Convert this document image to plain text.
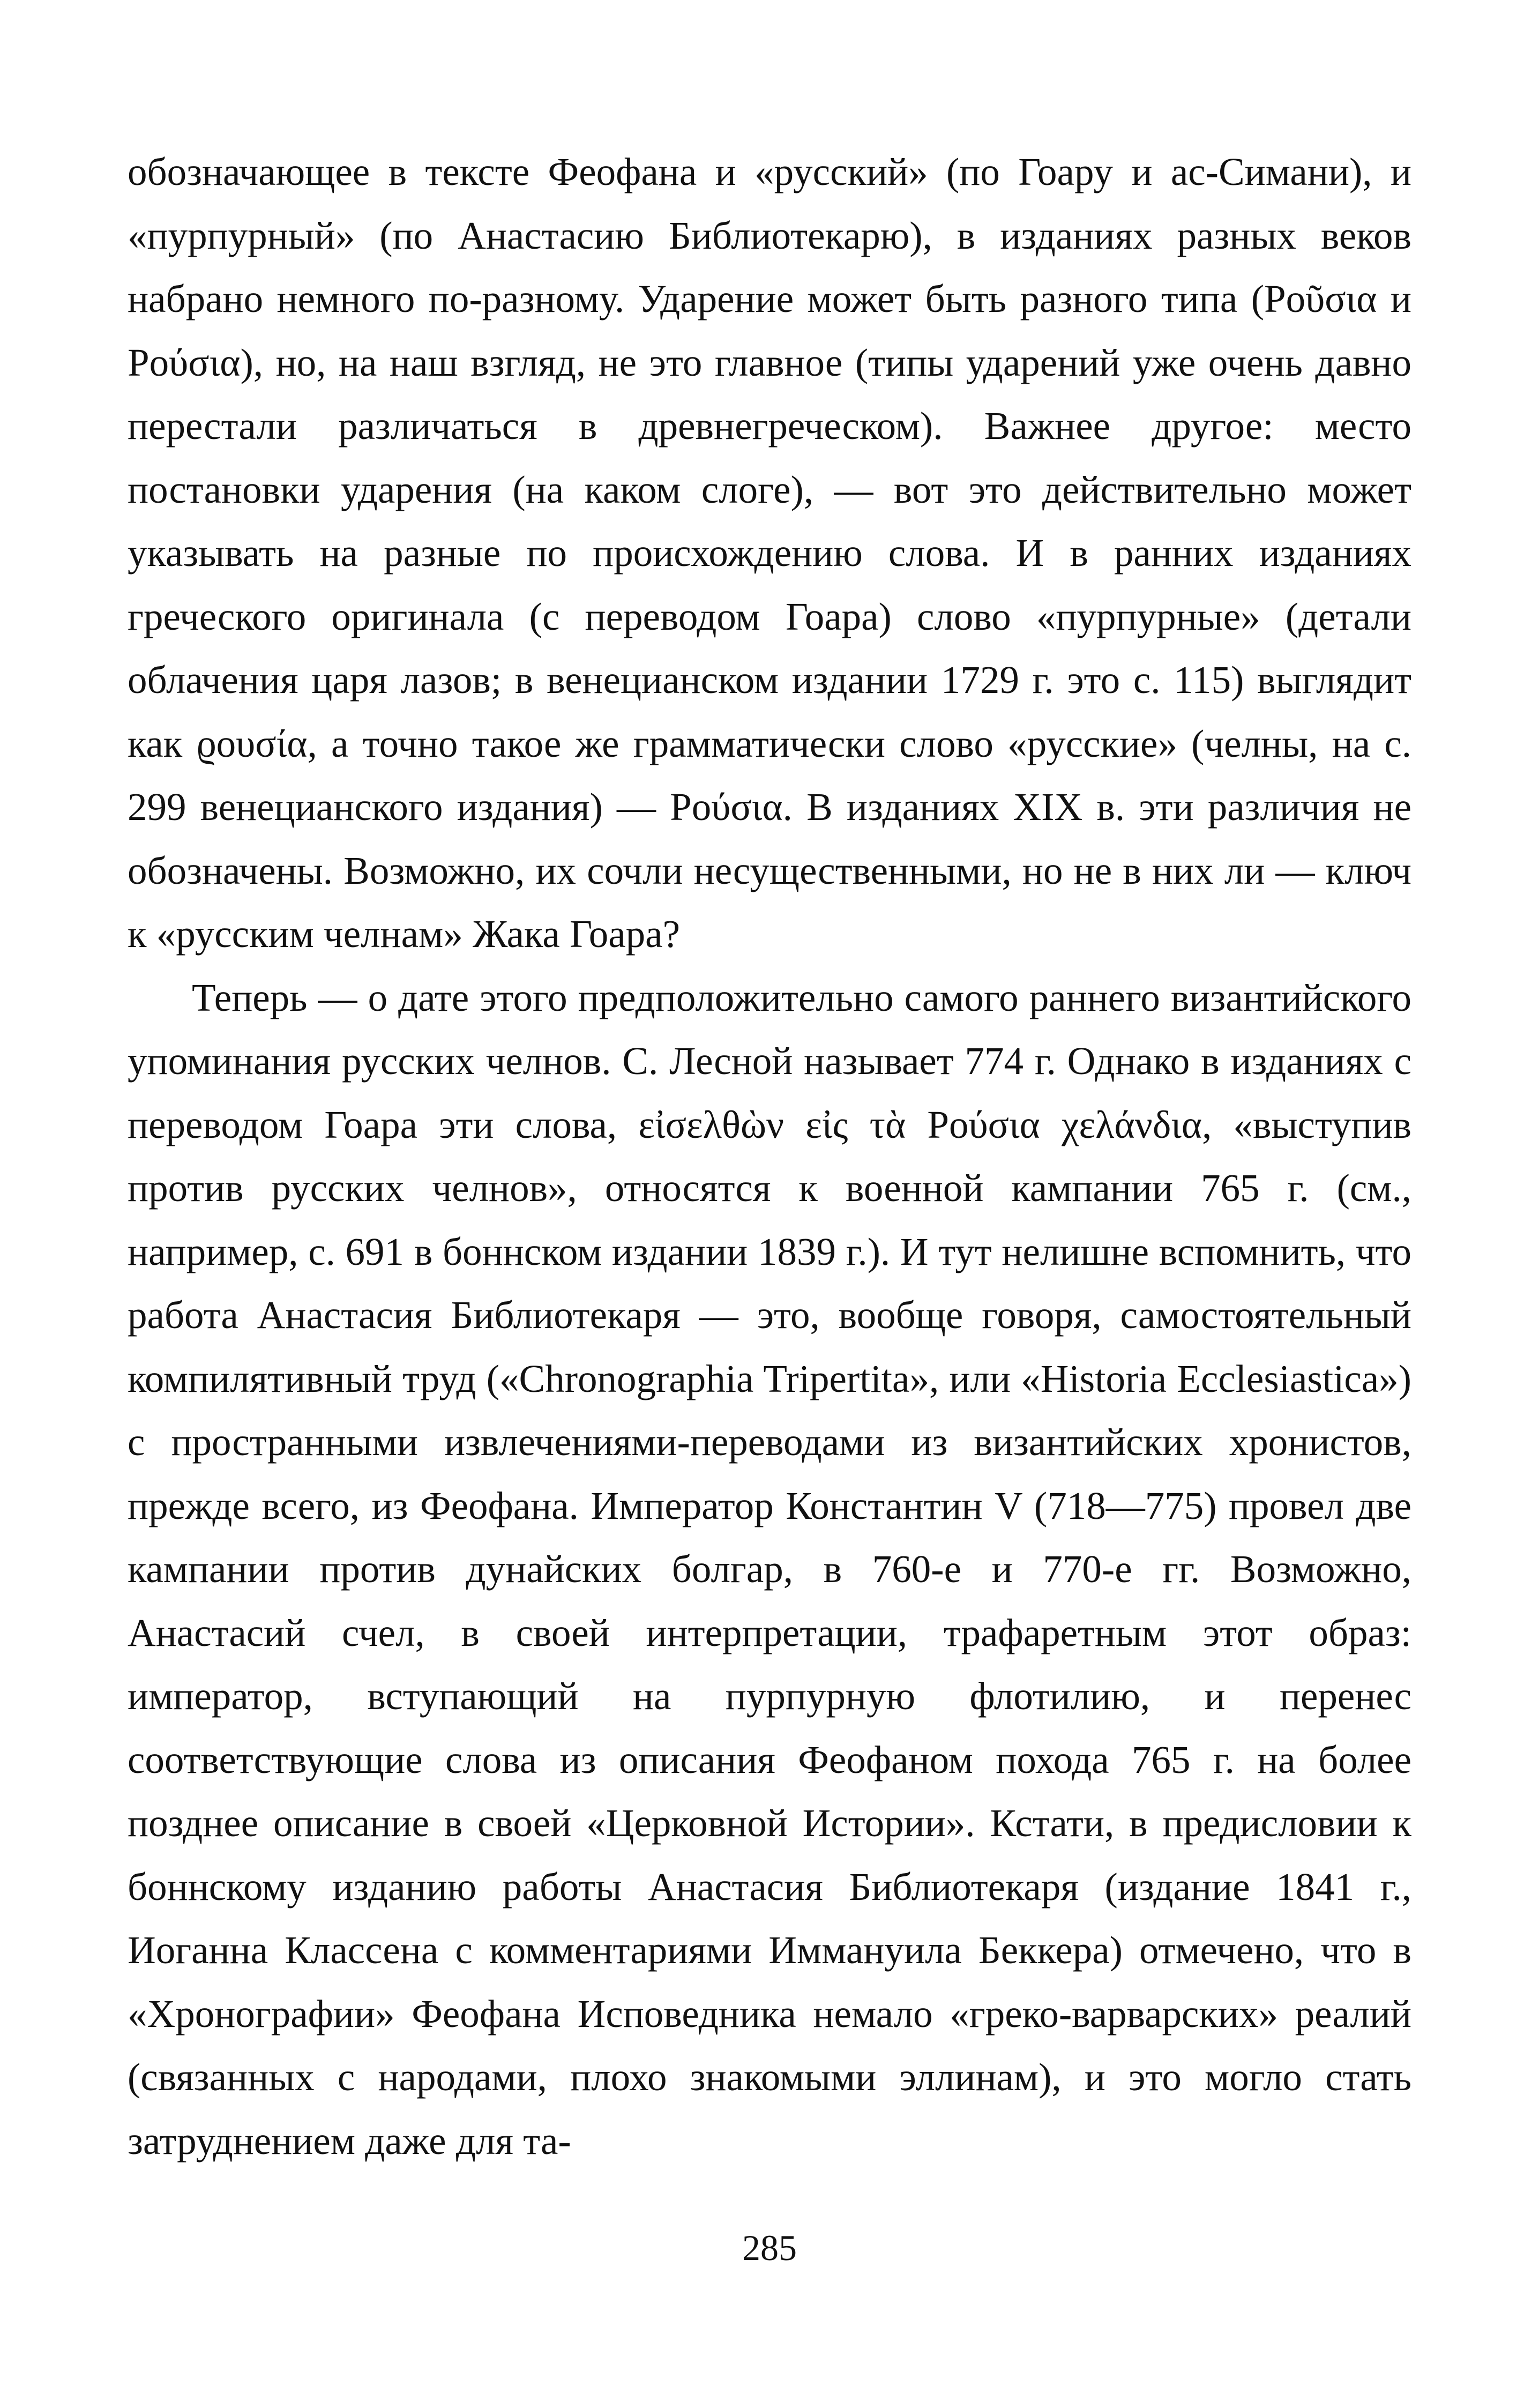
обозначающее в тексте Феофана и «русский» (по Гоару и ас-Симани), и «пурпурный» (по Анастасию Библиотекарю), в изданиях разных веков набрано немного по-разному. Ударение может быть разного типа (Ροῦσια и Ρούσια), но, на наш взгляд, не это главное (типы ударений уже очень давно перестали различаться в древнегреческом). Важнее другое: место постановки ударения (на каком слоге), — вот это действительно может указывать на разные по происхождению слова. И в ранних изданиях греческого оригинала (с переводом Гоара) слово «пурпурные» (детали облачения царя лазов; в венецианском издании 1729 г. это с. 115) выглядит как ϱουσία, а точно такое же грамматически слово «русские» (челны, на с. 299 венецианского издания) — Ρούσια. В изданиях XIX в. эти различия не обозначены. Возможно, их сочли несущественными, но не в них ли — ключ к «русским челнам» Жака Гоара?

Теперь — о дате этого предположительно самого раннего византийского упоминания русских челнов. С. Лесной называет 774 г. Однако в изданиях с переводом Гоара эти слова, εἰσελθὼν εἰς τὰ Ρούσια χελάνδια, «выступив против русских челнов», относятся к военной кампании 765 г. (см., например, с. 691 в боннском издании 1839 г.). И тут нелишне вспомнить, что работа Анастасия Библиотекаря — это, вообще говоря, самостоятельный компилятивный труд («Chronographia Tripertita», или «Historia Ecclesiastica») с пространными извлечениями-переводами из византийских хронистов, прежде всего, из Феофана. Император Константин V (718—775) провел две кампании против дунайских болгар, в 760-е и 770-е гг. Возможно, Анастасий счел, в своей интерпретации, трафаретным этот образ: император, вступающий на пурпурную флотилию, и перенес соответствующие слова из описания Феофаном похода 765 г. на более позднее описание в своей «Церковной Истории». Кстати, в предисловии к боннскому изданию работы Анастасия Библиотекаря (издание 1841 г., Иоганна Классена с комментариями Иммануила Беккера) отмечено, что в «Хронографии» Феофана Исповедника немало «греко-варварских» реалий (связанных с народами, плохо знакомыми эллинам), и это могло стать затруднением даже для та-

285
